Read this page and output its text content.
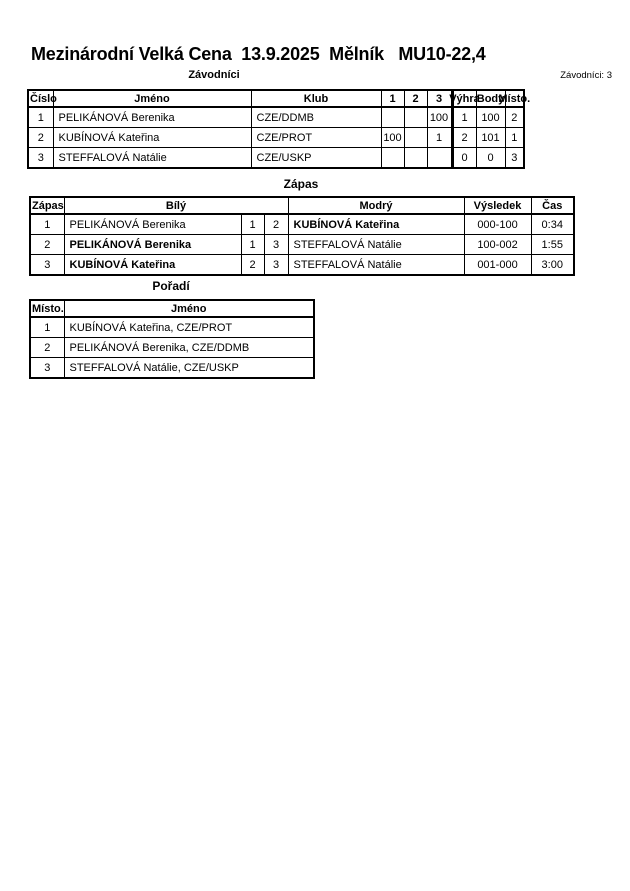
Mezinárodní Velká Cena  13.9.2025  Mělník   MU10-22,4
Závodníci	Závodníci: 3
Číslo	Jméno	Klub	1	2	3	Výhra	Body	Místo.

1	PELIKÁNOVÁ Berenika	CZE/DDMB			100	1	100	2
2	KUBÍNOVÁ Kateřina	CZE/PROT	100		1	2	101	1
3	STEFFALOVÁ Natálie	CZE/USKP				0	0	3
Zápas
Zápas	Bílý			Modrý	Výsledek	Čas
1	PELIKÁNOVÁ Berenika	1	2	KUBÍNOVÁ Kateřina	000-100	0:34
2	PELIKÁNOVÁ Berenika	1	3	STEFFALOVÁ Natálie	100-002	1:55
3	KUBÍNOVÁ Kateřina	2	3	STEFFALOVÁ Natálie	001-000	3:00
Pořadí
Místo.	Jméno
1	KUBÍNOVÁ Kateřina, CZE/PROT
2	PELIKÁNOVÁ Berenika, CZE/DDMB
3	STEFFALOVÁ Natálie, CZE/USKP
